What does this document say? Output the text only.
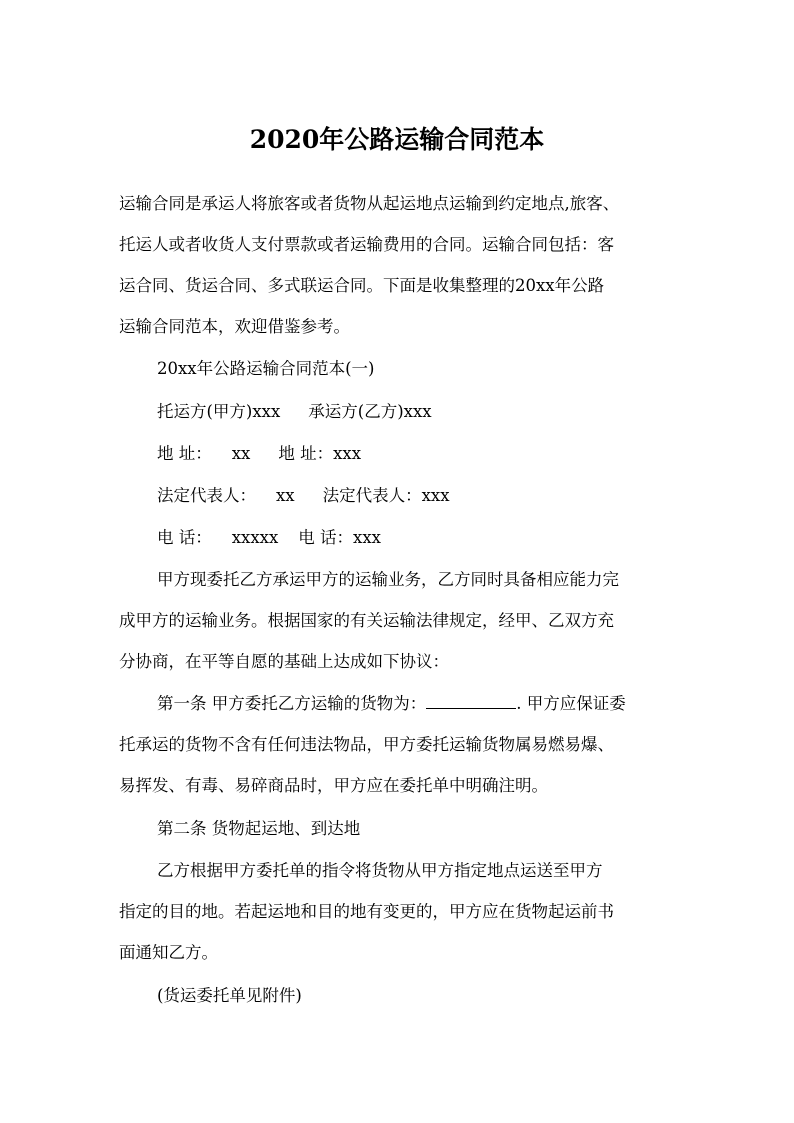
2020年公路运输合同范本
运输合同是承运人将旅客或者货物从起运地点运输到约定地点,旅客、
托运人或者收货人支付票款或者运输费用的合同。运输合同包括：客
运合同、货运合同、多式联运合同。下面是收集整理的20xx年公路
运输合同范本，欢迎借鉴参考。
20xx年公路运输合同范本(一)
托运方(甲方)xxx 承运方(乙方)xxx
地 址： xx 地 址：xxx
法定代表人： xx 法定代表人：xxx
电 话： xxxxx 电 话：xxx
甲方现委托乙方承运甲方的运输业务，乙方同时具备相应能力完
成甲方的运输业务。根据国家的有关运输法律规定，经甲、乙双方充
分协商，在平等自愿的基础上达成如下协议：
第一条 甲方委托乙方运输的货物为：	. 甲方应保证委
托承运的货物不含有任何违法物品，甲方委托运输货物属易燃易爆、
易挥发、有毒、易碎商品时，甲方应在委托单中明确注明。
第二条 货物起运地、到达地
乙方根据甲方委托单的指令将货物从甲方指定地点运送至甲方
指定的目的地。若起运地和目的地有变更的，甲方应在货物起运前书
面通知乙方。
(货运委托单见附件)
